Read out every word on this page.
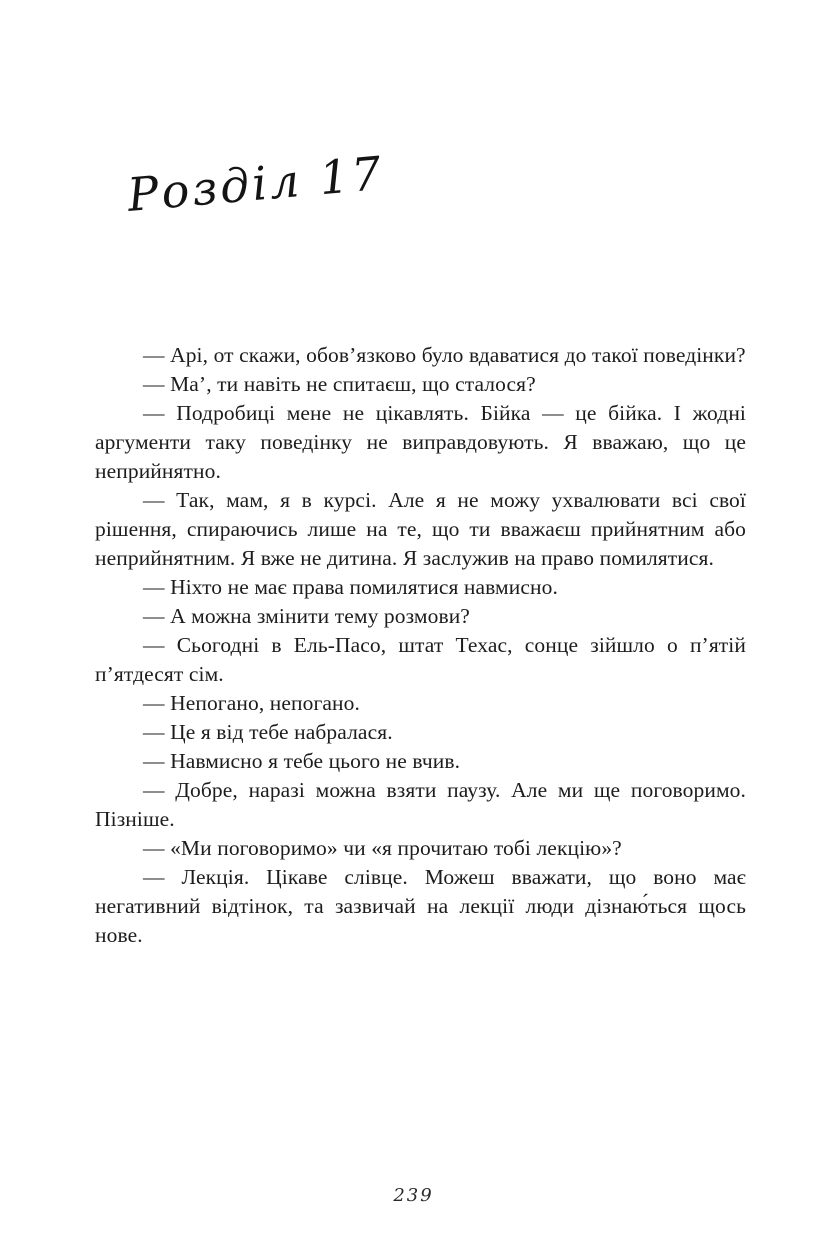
Розділ 17

— Арі, от скажи, обов’язково було вдаватися до такої поведінки?

— Ма’, ти навіть не спитаєш, що сталося?

— Подробиці мене не цікавлять. Бійка — це бійка. І жодні аргументи таку поведінку не виправдовують. Я вважаю, що це неприйнятно.

— Так, мам, я в курсі. Але я не можу ухвалювати всі свої рішення, спираючись лише на те, що ти вважаєш прийнятним або неприйнятним. Я вже не дитина. Я заслужив на право помилятися.

— Ніхто не має права помилятися навмисно.

— А можна змінити тему розмови?

— Сьогодні в Ель-Пасо, штат Техас, сонце зійшло о п’ятій п’ятдесят сім.

— Непогано, непогано.

— Це я від тебе набралася.

— Навмисно я тебе цього не вчив.

— Добре, наразі можна взяти паузу. Але ми ще поговоримо. Пізніше.

— «Ми поговоримо» чи «я прочитаю тобі лекцію»?

— Лекція. Цікаве слівце. Можеш вважати, що воно має негативний відтінок, та зазвичай на лекції люди дізнаю́ться щось нове.

239
